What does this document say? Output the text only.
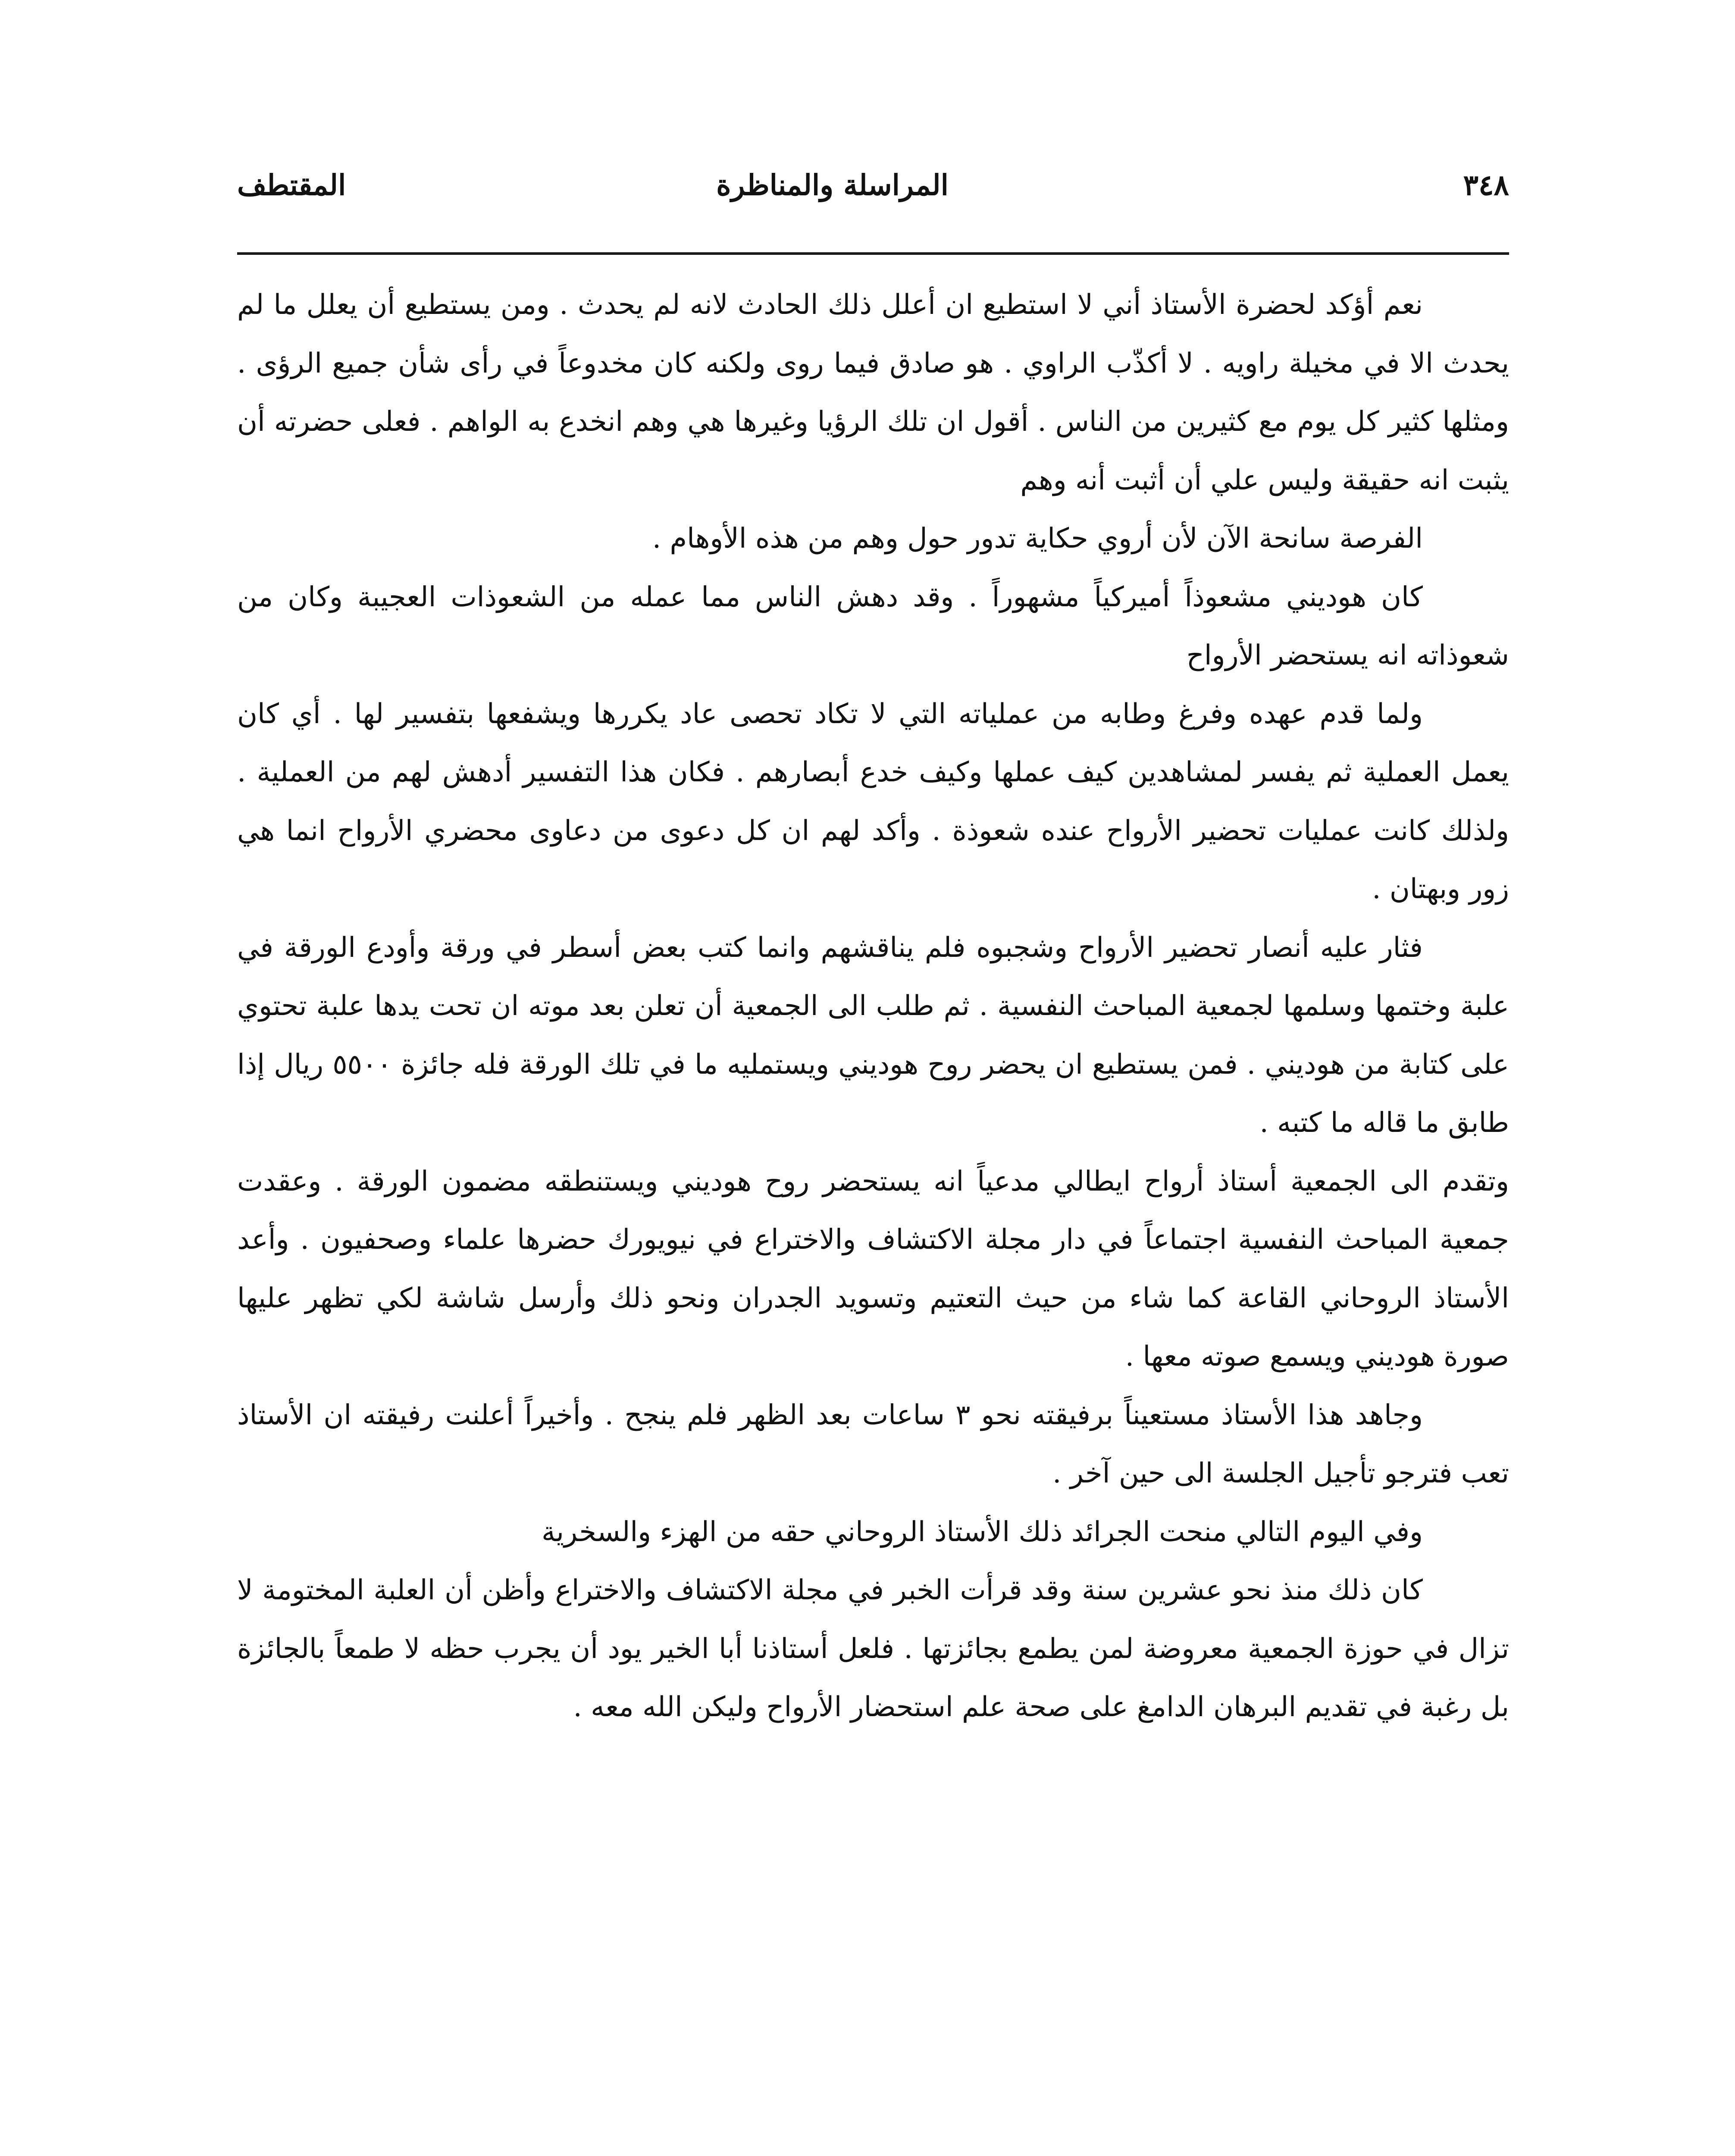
٣٤٨
المراسلة والمناظرة
المقتطف

نعم أؤكد لحضرة الأستاذ أني لا استطيع ان أعلل ذلك الحادث لانه لم يحدث . ومن يستطيع أن يعلل ما لم يحدث الا في مخيلة راويه . لا أكذّب الراوي . هو صادق فيما روى ولكنه كان مخدوعاً في رأى شأن جميع الرؤى . ومثلها كثير كل يوم مع كثيرين من الناس . أقول ان تلك الرؤيا وغيرها هي وهم انخدع به الواهم . فعلى حضرته أن يثبت انه حقيقة وليس علي أن أثبت أنه وهم

الفرصة سانحة الآن لأن أروي حكاية تدور حول وهم من هذه الأوهام .

كان هوديني مشعوذاً أميركياً مشهوراً . وقد دهش الناس مما عمله من الشعوذات العجيبة وكان من شعوذاته انه يستحضر الأرواح

ولما قدم عهده وفرغ وطابه من عملياته التي لا تكاد تحصى عاد يكررها ويشفعها بتفسير لها . أي كان يعمل العملية ثم يفسر لمشاهدين كيف عملها وكيف خدع أبصارهم . فكان هذا التفسير أدهش لهم من العملية . ولذلك كانت عمليات تحضير الأرواح عنده شعوذة . وأكد لهم ان كل دعوى من دعاوى محضري الأرواح انما هي زور وبهتان .

فثار عليه أنصار تحضير الأرواح وشجبوه فلم يناقشهم وانما كتب بعض أسطر في ورقة وأودع الورقة في علبة وختمها وسلمها لجمعية المباحث النفسية . ثم طلب الى الجمعية أن تعلن بعد موته ان تحت يدها علبة تحتوي على كتابة من هوديني . فمن يستطيع ان يحضر روح هوديني ويستمليه ما في تلك الورقة فله جائزة ٥٥٠٠ ريال إذا طابق ما قاله ما كتبه .

وتقدم الى الجمعية أستاذ أرواح ايطالي مدعياً انه يستحضر روح هوديني ويستنطقه مضمون الورقة . وعقدت جمعية المباحث النفسية اجتماعاً في دار مجلة الاكتشاف والاختراع في نيويورك حضرها علماء وصحفيون . وأعد الأستاذ الروحاني القاعة كما شاء من حيث التعتيم وتسويد الجدران ونحو ذلك وأرسل شاشة لكي تظهر عليها صورة هوديني ويسمع صوته معها .

وجاهد هذا الأستاذ مستعيناً برفيقته نحو ٣ ساعات بعد الظهر فلم ينجح . وأخيراً أعلنت رفيقته ان الأستاذ تعب فترجو تأجيل الجلسة الى حين آخر .

وفي اليوم التالي منحت الجرائد ذلك الأستاذ الروحاني حقه من الهزء والسخرية

كان ذلك منذ نحو عشرين سنة وقد قرأت الخبر في مجلة الاكتشاف والاختراع وأظن أن العلبة المختومة لا تزال في حوزة الجمعية معروضة لمن يطمع بجائزتها . فلعل أستاذنا أبا الخير يود أن يجرب حظه لا طمعاً بالجائزة بل رغبة في تقديم البرهان الدامغ على صحة علم استحضار الأرواح وليكن الله معه .
